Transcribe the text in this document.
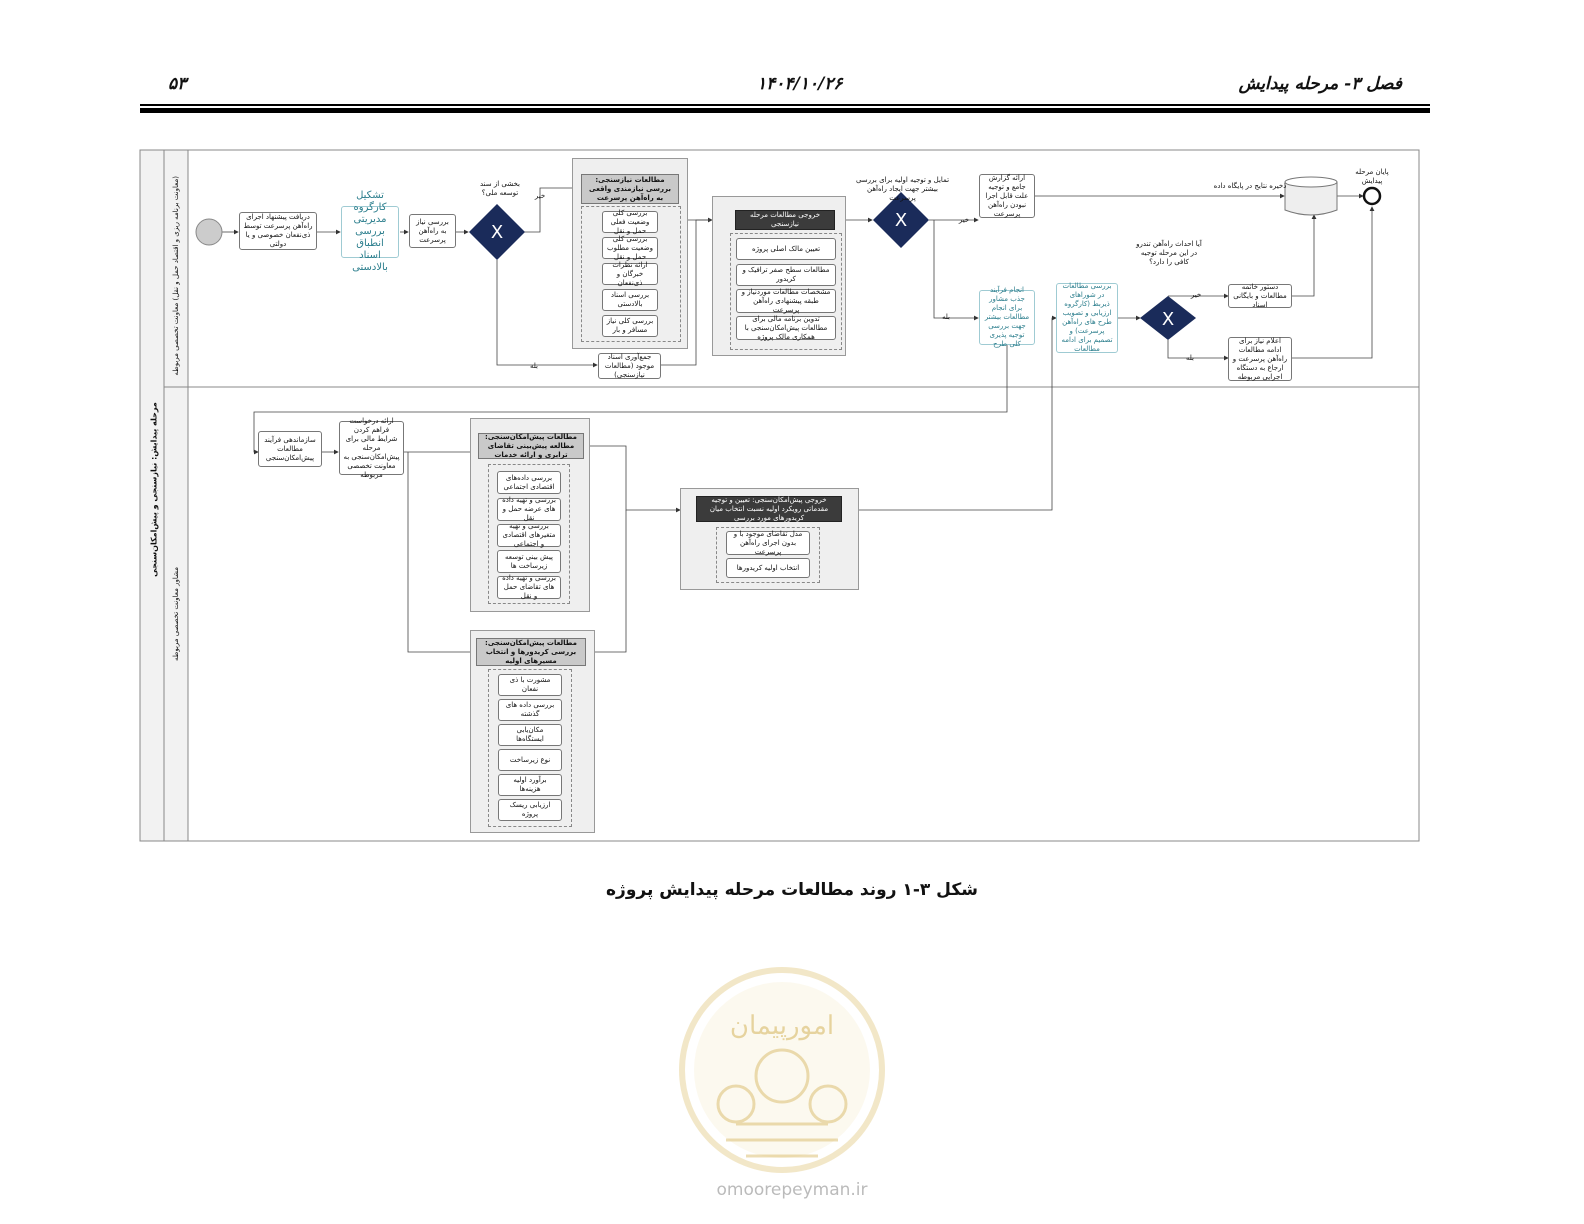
فصل ۳- مرحله پیدایش
۱۴۰۴/۱۰/۲۶
۵۳
X
X
X
مرحله پیدایش: نیازسنجی و پیش‌امکان‌سنجی
(معاونت برنامه ریزی و اقتصاد حمل و نقل) معاونت تخصصی مربوطه
مشاور معاونت تخصصی مربوطه
دریافت پیشنهاد اجرای راه‌آهن پرسرعت توسط ذی‌نفعان خصوصی و یا دولتی
تشکیل کارگروه مدیریتی بررسی انطباق اسناد بالادستی
بررسی نیاز به راه‌آهن پرسرعت
بخشی از سند توسعه ملی؟	خیر
بله
مطالعات نیازسنجی: بررسی نیازمندی واقعی به راه‌آهن پرسرعت
بررسی کلی وضعیت فعلی حمل و نقل
بررسی کلی وضعیت مطلوب حمل و نقل
ارائه نظرات خبرگان و ذی‌نفعان
بررسی اسناد بالادستی
بررسی کلی نیاز مسافر و بار
جمع‌آوری اسناد موجود (مطالعات نیازسنجی)
خروجی مطالعات مرحله نیازسنجی
تعیین مالک اصلی پروژه
مطالعات سطح صفر ترافیک و کریدور
مشخصات مطالعات موردنیاز و طبقه پیشنهادی راه‌آهن پرسرعت
تدوین برنامه مالی برای مطالعات پیش‌امکان‌سنجی با همکاری مالک پروژه
تمایل و توجیه اولیه برای بررسی بیشتر جهت ایجاد راه‌آهن پرسرعت
خیر
بله
ارائه گزارش جامع و توجیه علت قابل اجرا نبودن راه‌آهن پرسرعت
انجام فرآیند جذب مشاور برای انجام مطالعات بیشتر جهت بررسی توجیه پذیری کلی طرح
بررسی مطالعات در شوراهای ذیربط (کارگروه ارزیابی و تصویب طرح های راه‌آهن پرسرعت) و تصمیم برای ادامه مطالعات
آیا احداث راه‌آهن تندرو در این مرحله توجیه کافی را دارد؟
خیر
بله
دستور خاتمه مطالعات و بایگانی اسناد
اعلام نیاز برای ادامه مطالعات راه‌آهن پرسرعت و ارجاع به دستگاه اجرایی مربوطه
ذخیره نتایج در پایگاه داده
پایان مرحله پیدایش
سازماندهی فرآیند مطالعات پیش‌امکان‌سنجی
ارائه درخواست فراهم کردن شرایط مالی برای مرحله پیش‌امکان‌سنجی به معاونت تخصصی مربوطه
مطالعات پیش‌امکان‌سنجی: مطالعه پیش‌بینی تقاضای ترابری و ارائه خدمات
بررسی داده‌های اقتصادی اجتماعی
بررسی و تهیه داده های عرضه حمل و نقل
بررسی و تهیه متغیرهای اقتصادی و اجتماعی
پیش بینی توسعه زیرساخت ها
بررسی و تهیه داده های تقاضای حمل و نقل
مطالعات پیش‌امکان‌سنجی: بررسی کریدورها و انتخاب مسیرهای اولیه
مشورت با ذی نفعان
بررسی داده های گذشته
مکان‌یابی ایستگاه‌ها
نوع زیرساخت
برآورد اولیه هزینه‌ها
ارزیابی ریسک پروژه
خروجی پیش‌امکان‌سنجی: تعیین و توجیه مقدماتی رویکرد اولیه نسبت انتخاب میان کریدورهای مورد بررسی
مدل تقاضای موجود با و بدون اجرای راه‌آهن پرسرعت
انتخاب اولیه کریدورها
شکل ۳-۱ روند مطالعات مرحله پیدایش پروژه
امورپیمان
omoorepeyman.ir
